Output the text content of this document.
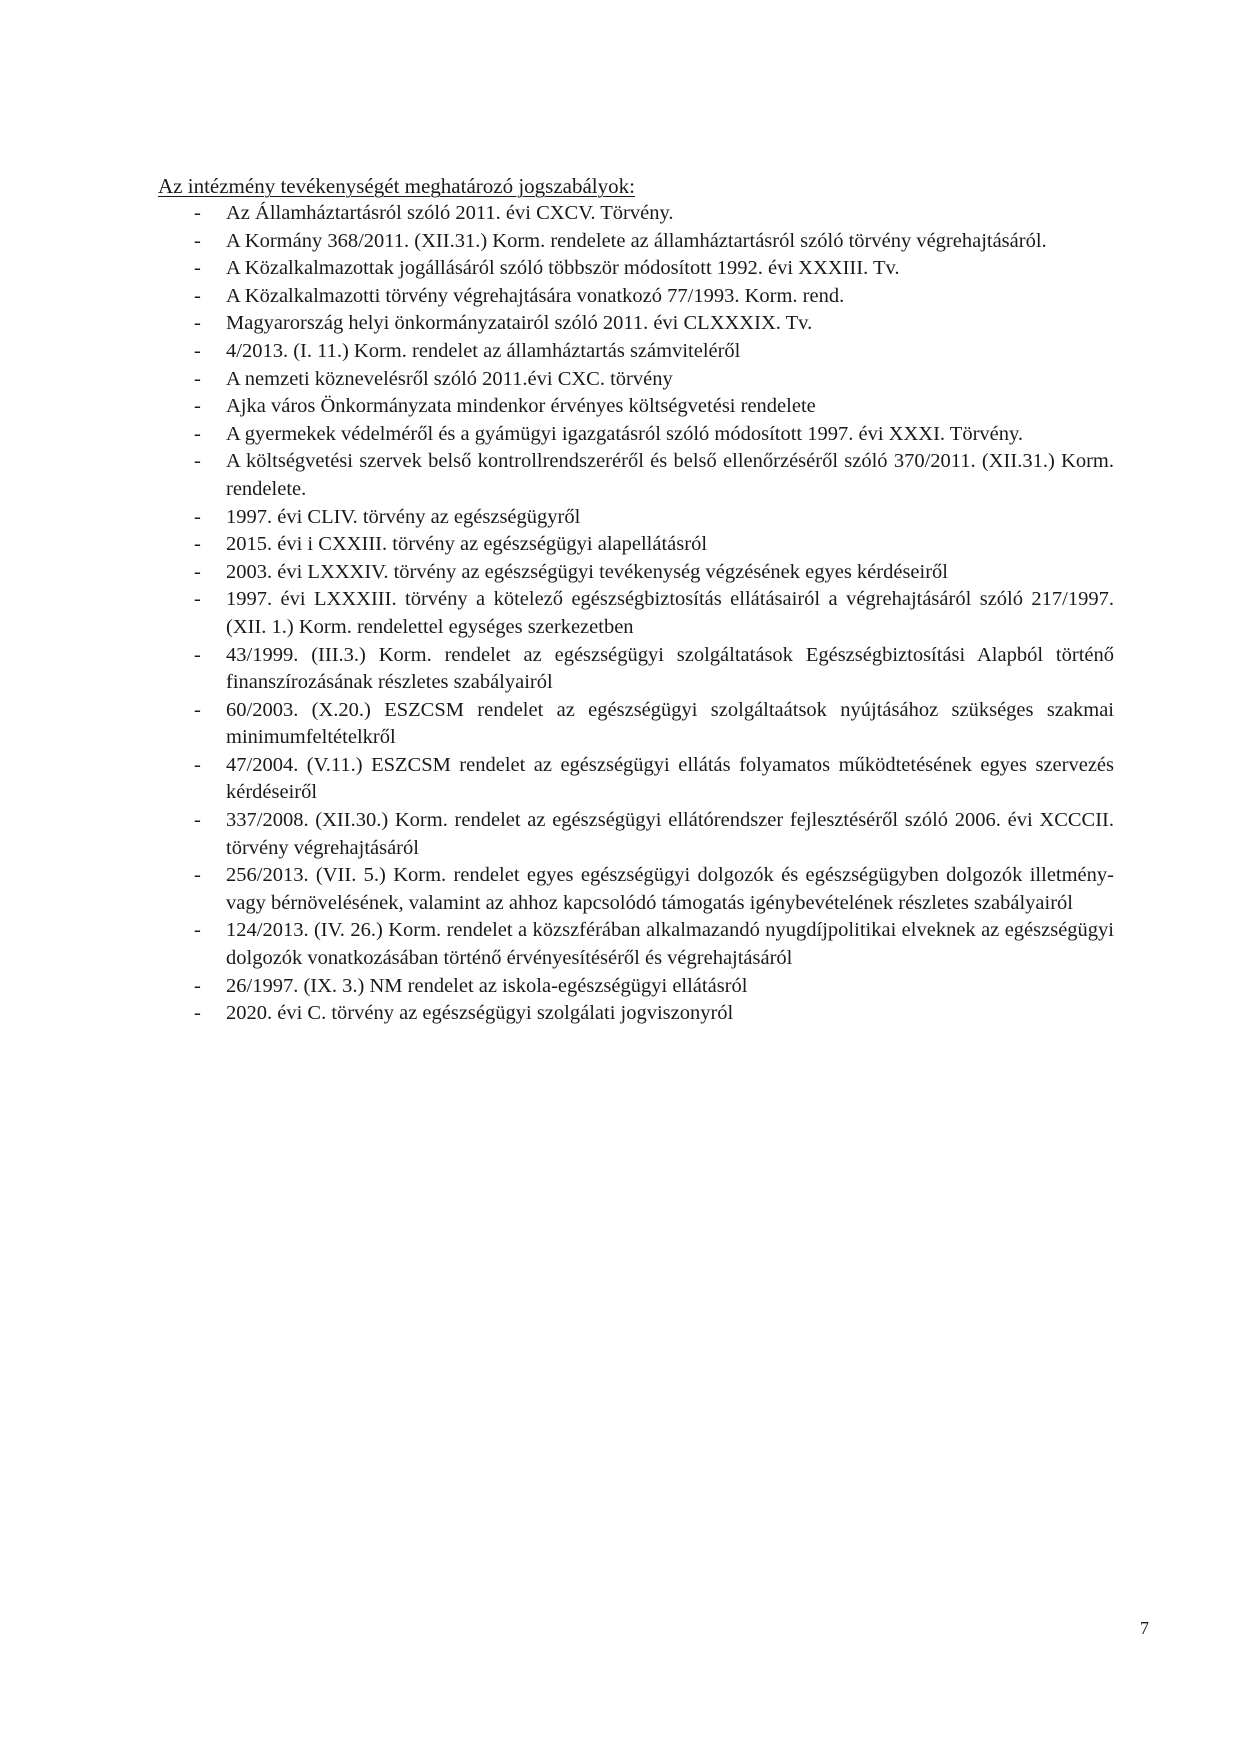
Az intézmény tevékenységét meghatározó jogszabályok:
- Az Államháztartásról szóló 2011. évi CXCV. Törvény.
- A Kormány 368/2011. (XII.31.) Korm. rendelete az államháztartásról szóló törvény végrehajtásáról.
- A Közalkalmazottak jogállásáról szóló többször módosított 1992. évi XXXIII. Tv.
- A Közalkalmazotti törvény végrehajtására vonatkozó 77/1993. Korm. rend.
- Magyarország helyi önkormányzatairól szóló 2011. évi CLXXXIX. Tv.
- 4/2013. (I. 11.) Korm. rendelet az államháztartás számviteléről
- A nemzeti köznevelésről szóló 2011.évi CXC. törvény
- Ajka város Önkormányzata mindenkor érvényes költségvetési rendelete
- A gyermekek védelméről és a gyámügyi igazgatásról szóló módosított 1997. évi XXXI. Törvény.
- A költségvetési szervek belső kontrollrendszeréről és belső ellenőrzéséről szóló 370/2011. (XII.31.) Korm. rendelete.
- 1997. évi CLIV. törvény az egészségügyről
- 2015. évi i CXXIII. törvény az egészségügyi alapellátásról
- 2003. évi LXXXIV. törvény az egészségügyi tevékenység végzésének egyes kérdéseiről
- 1997. évi LXXXIII. törvény a kötelező egészségbiztosítás ellátásairól a végrehajtásáról szóló 217/1997. (XII. 1.) Korm. rendelettel egységes szerkezetben
- 43/1999. (III.3.) Korm. rendelet az egészségügyi szolgáltatások Egészségbiztosítási Alapból történő finanszírozásának részletes szabályairól
- 60/2003. (X.20.) ESZCSM rendelet az egészségügyi szolgáltaátsok nyújtásához szükséges szakmai minimumfeltételkről
- 47/2004. (V.11.) ESZCSM rendelet az egészségügyi ellátás folyamatos működtetésének egyes szervezés kérdéseiről
- 337/2008. (XII.30.) Korm. rendelet az egészségügyi ellátórendszer fejlesztéséről szóló 2006. évi XCCCII. törvény végrehajtásáról
- 256/2013. (VII. 5.) Korm. rendelet egyes egészségügyi dolgozók és egészségügyben dolgozók illetmény- vagy bérnövelésének, valamint az ahhoz kapcsolódó támogatás igénybevételének részletes szabályairól
- 124/2013. (IV. 26.) Korm. rendelet a közszférában alkalmazandó nyugdíjpolitikai elveknek az egészségügyi dolgozók vonatkozásában történő érvényesítéséről és végrehajtásáról
- 26/1997. (IX. 3.) NM rendelet az iskola-egészségügyi ellátásról
- 2020. évi C. törvény az egészségügyi szolgálati jogviszonyról
7
